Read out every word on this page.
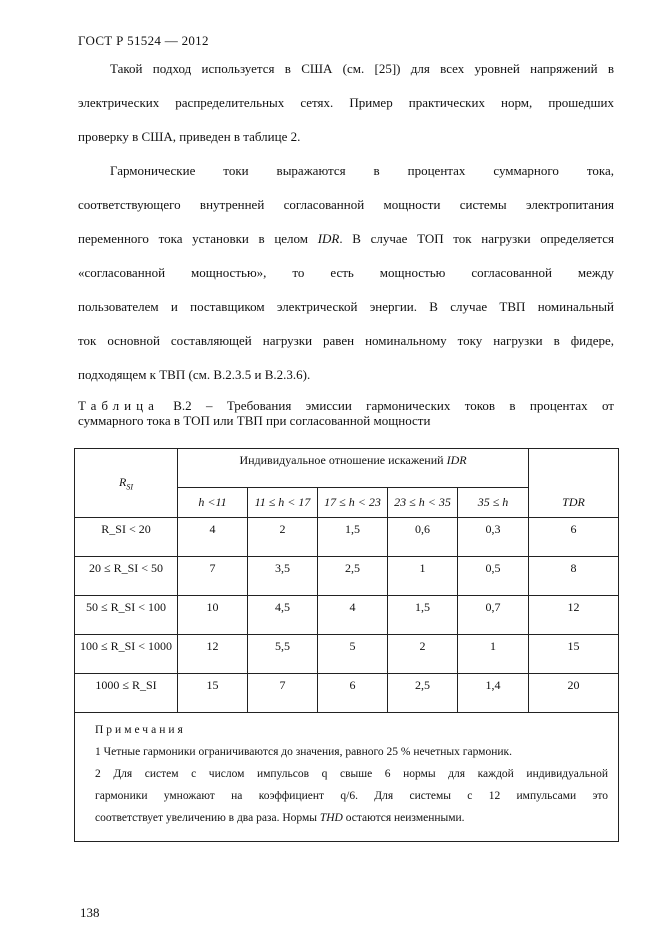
ГОСТ Р 51524 — 2012
Такой подход используется в США (см. [25]) для всех уровней напряжений в
электрических распределительных сетях. Пример практических норм, прошедших
проверку в США, приведен в таблице 2.
Гармонические токи выражаются в процентах суммарного тока,
соответствующего внутренней согласованной мощности системы электропитания
переменного тока установки в целом IDR. В случае ТОП ток нагрузки определяется
«согласованной мощностью», то есть мощностью согласованной между
пользователем и поставщиком электрической энергии. В случае ТВП номинальный
ток основной составляющей нагрузки равен номинальному току нагрузки в фидере,
подходящем к ТВП (см. В.2.3.5 и В.2.3.6).
Таблица В.2 – Требования эмиссии гармонических токов в процентах от
суммарного тока в ТОП или ТВП при согласованной мощности
$R_{SI}$	Индивидуальное отношение искажений IDR					
	h <11	11 ≤ h < 17	17 ≤ h < 23	23 ≤ h < 35	35 ≤ h	TDR
R_SI < 20	4	2	1,5	0,6	0,3	6
20 ≤ R_SI < 50	7	3,5	2,5	1	0,5	8
50 ≤ R_SI < 100	10	4,5	4	1,5	0,7	12
100 ≤ R_SI < 1000	12	5,5	5	2	1	15
1000 ≤ R_SI	15	7	6	2,5	1,4	20
Примечания

1 Четные гармоники ограничиваются до значения, равного 25 % нечетных гармоник.
2 Для систем с числом импульсов q свыше 6 нормы для каждой индивидуальной
гармоники умножают на коэффициент q/6. Для системы с 12 импульсами это
соответствует увеличению в два раза. Нормы THD остаются неизменными.						
138
